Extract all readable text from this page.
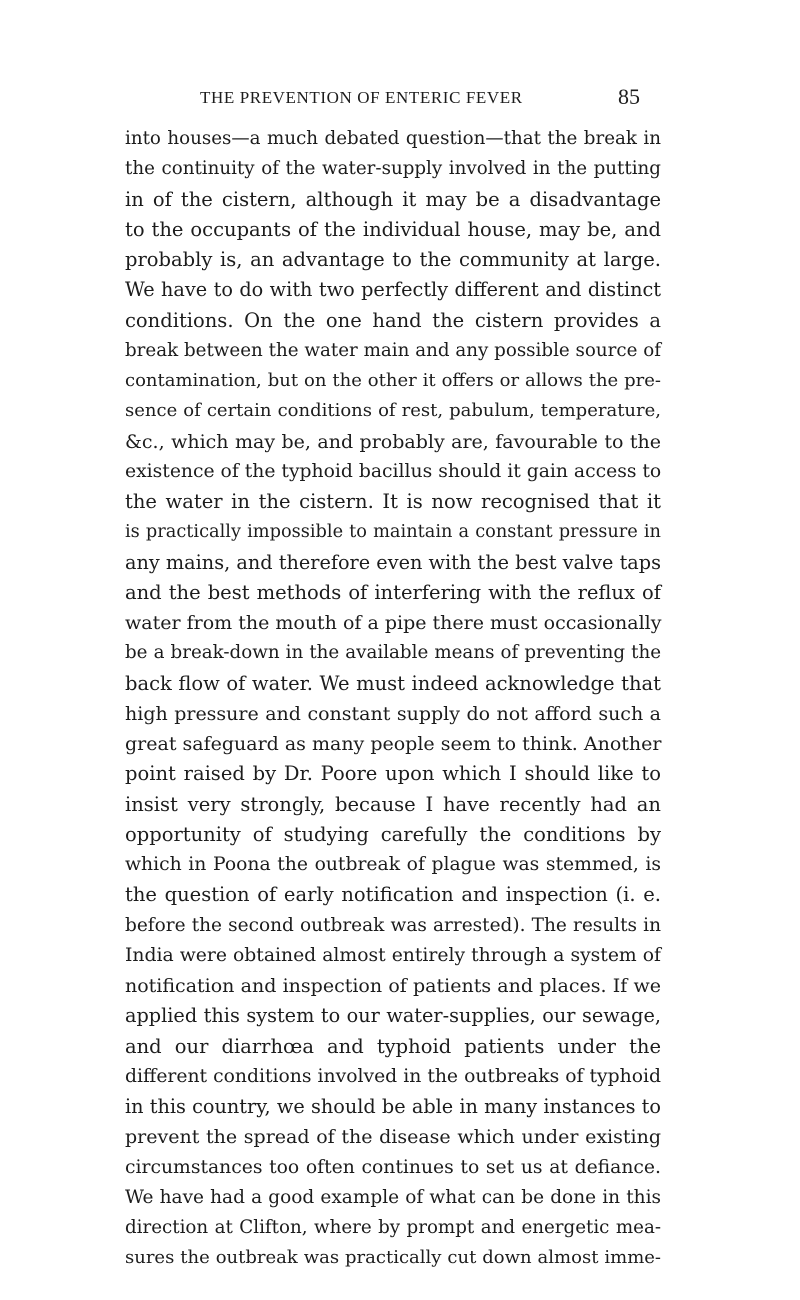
THE PREVENTION OF ENTERIC FEVER	85
into houses—a much debated question—that the break in
the continuity of the water-supply involved in the putting
in of the cistern, although it may be a disadvantage
to the occupants of the individual house, may be, and
probably is, an advantage to the community at large.
We have to do with two perfectly different and distinct
conditions. On the one hand the cistern provides a
break between the water main and any possible source of
contamination, but on the other it offers or allows the pre-
sence of certain conditions of rest, pabulum, temperature,
&c., which may be, and probably are, favourable to the
existence of the typhoid bacillus should it gain access to
the water in the cistern. It is now recognised that it
is practically impossible to maintain a constant pressure in
any mains, and therefore even with the best valve taps
and the best methods of interfering with the reflux of
water from the mouth of a pipe there must occasionally
be a break-down in the available means of preventing the
back flow of water. We must indeed acknowledge that
high pressure and constant supply do not afford such a
great safeguard as many people seem to think. Another
point raised by Dr. Poore upon which I should like to
insist very strongly, because I have recently had an
opportunity of studying carefully the conditions by
which in Poona the outbreak of plague was stemmed, is
the question of early notification and inspection (i. e.
before the second outbreak was arrested). The results in
India were obtained almost entirely through a system of
notification and inspection of patients and places. If we
applied this system to our water-supplies, our sewage,
and our diarrhœa and typhoid patients under the
different conditions involved in the outbreaks of typhoid
in this country, we should be able in many instances to
prevent the spread of the disease which under existing
circumstances too often continues to set us at defiance.
We have had a good example of what can be done in this
direction at Clifton, where by prompt and energetic mea-
sures the outbreak was practically cut down almost imme-
